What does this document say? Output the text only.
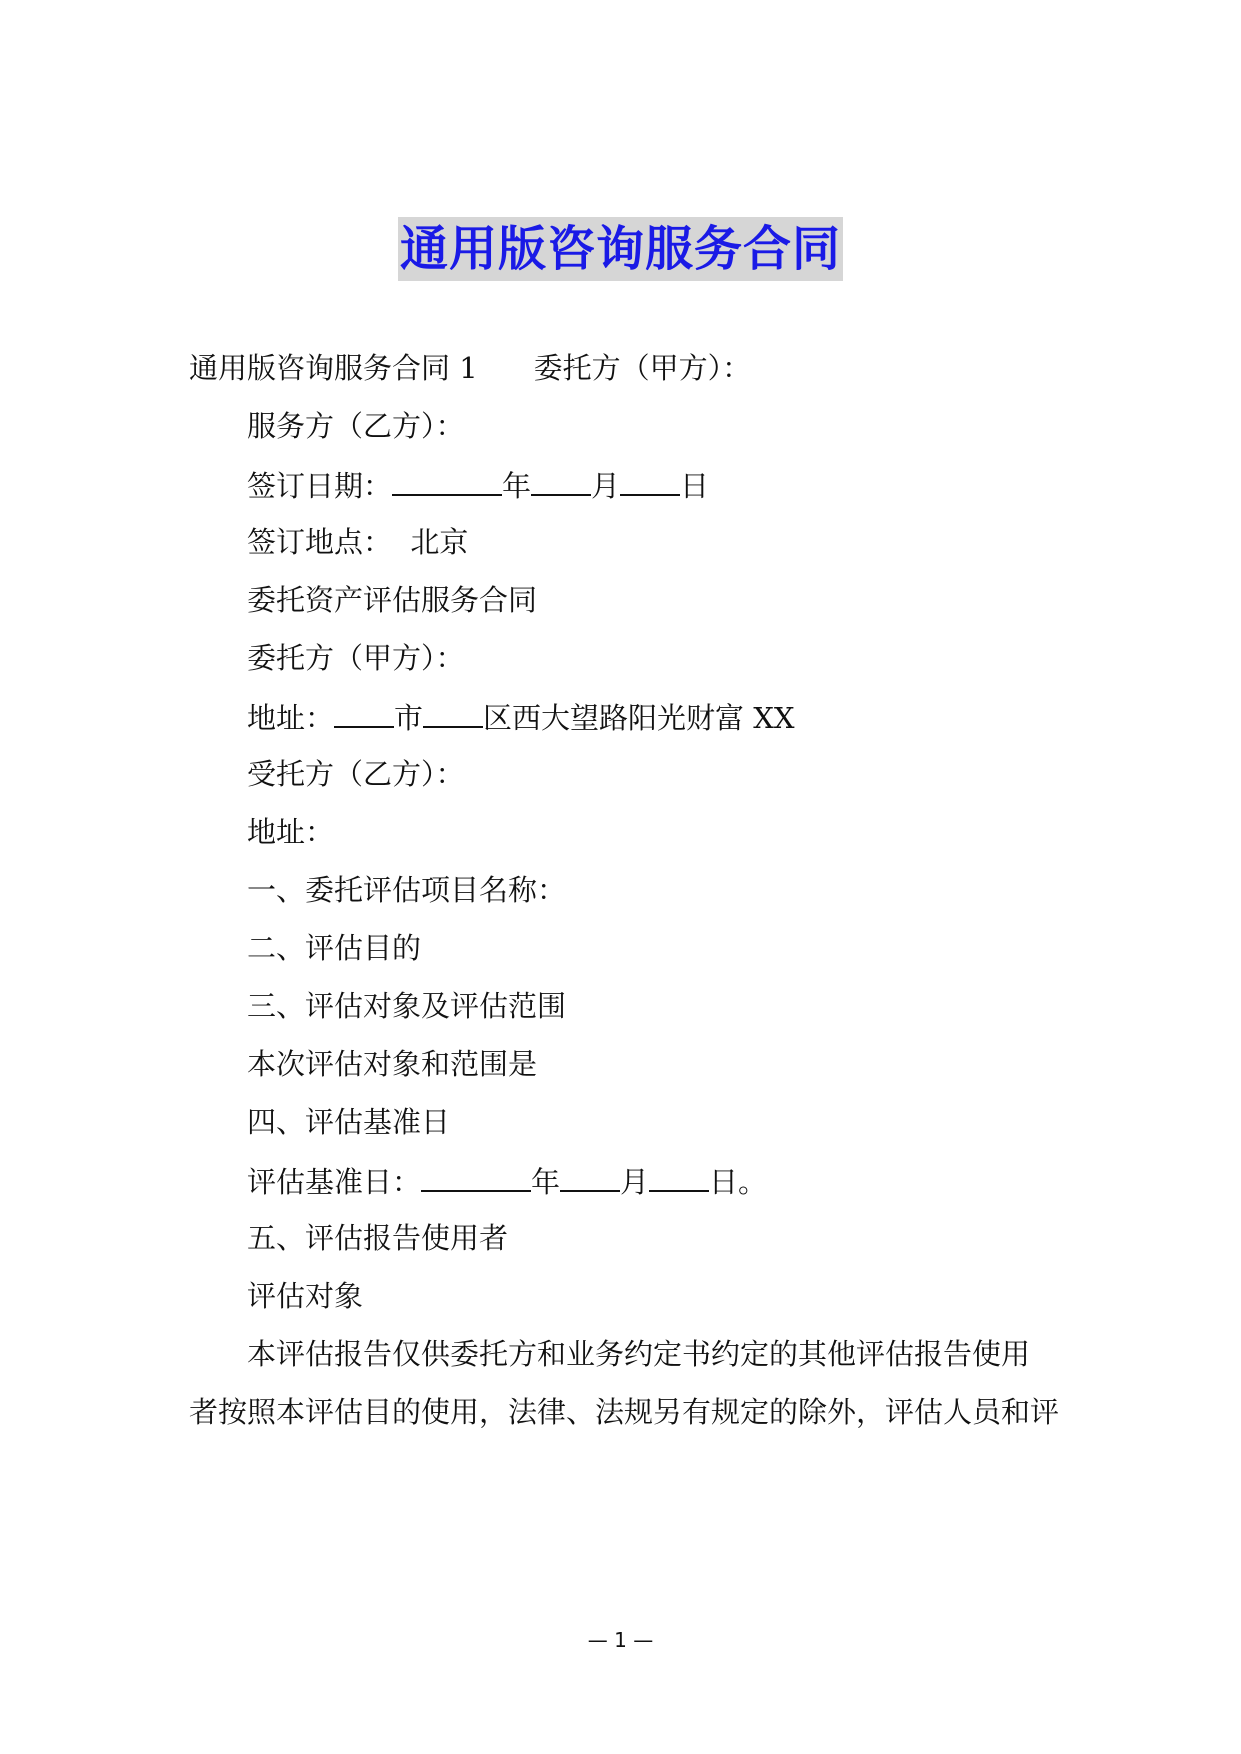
通用版咨询服务合同
通用版咨询服务合同 1 委托方（甲方）：
服务方（乙方）：
签订日期：	年 月 日
签订地点：  北京
委托资产评估服务合同
委托方（甲方）：
地址： 市 区西大望路阳光财富 XX
受托方（乙方）：
地址：
一、委托评估项目名称：
二、评估目的
三、评估对象及评估范围
本次评估对象和范围是
四、评估基准日
评估基准日：	年 月 日。
五、评估报告使用者
评估对象
本评估报告仅供委托方和业务约定书约定的其他评估报告使用
者按照本评估目的使用，法律、法规另有规定的除外，评估人员和评
— 1 —
